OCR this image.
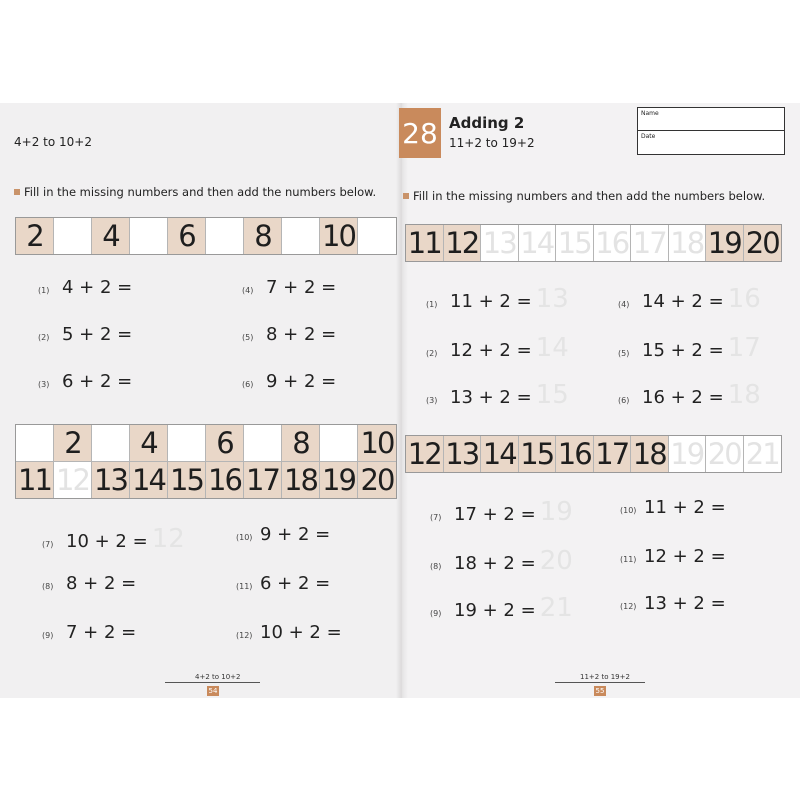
4+2 to 10+2
Fill in the missing numbers and then add the numbers below.
2	4	6	8	10
(1) 4 + 2 =
(2) 5 + 2 =
(3) 6 + 2 =
(4) 7 + 2 =
(5) 8 + 2 =
(6) 9 + 2 =
2	4	6	8	10
11 12 13 14 15 16 17 18 19 20
(7) 10 + 2 = 12
(8) 8 + 2 =
(9) 7 + 2 =
(10) 9 + 2 =
(11) 6 + 2 =
(12) 10 + 2 =
4+2 to 10+2
54
28 Adding 2
11+2 to 19+2
Name
Date
Fill in the missing numbers and then add the numbers below.
11 12 13 14 15 16 17 18 19 20
(1) 11 + 2 = 13
(2) 12 + 2 = 14
(3) 13 + 2 = 15
(4) 14 + 2 = 16
(5) 15 + 2 = 17
(6) 16 + 2 = 18
12 13 14 15 16 17 18 19 20 21
(7) 17 + 2 = 19
(8) 18 + 2 = 20
(9) 19 + 2 = 21
(10) 11 + 2 =
(11) 12 + 2 =
(12) 13 + 2 =
11+2 to 19+2
55
